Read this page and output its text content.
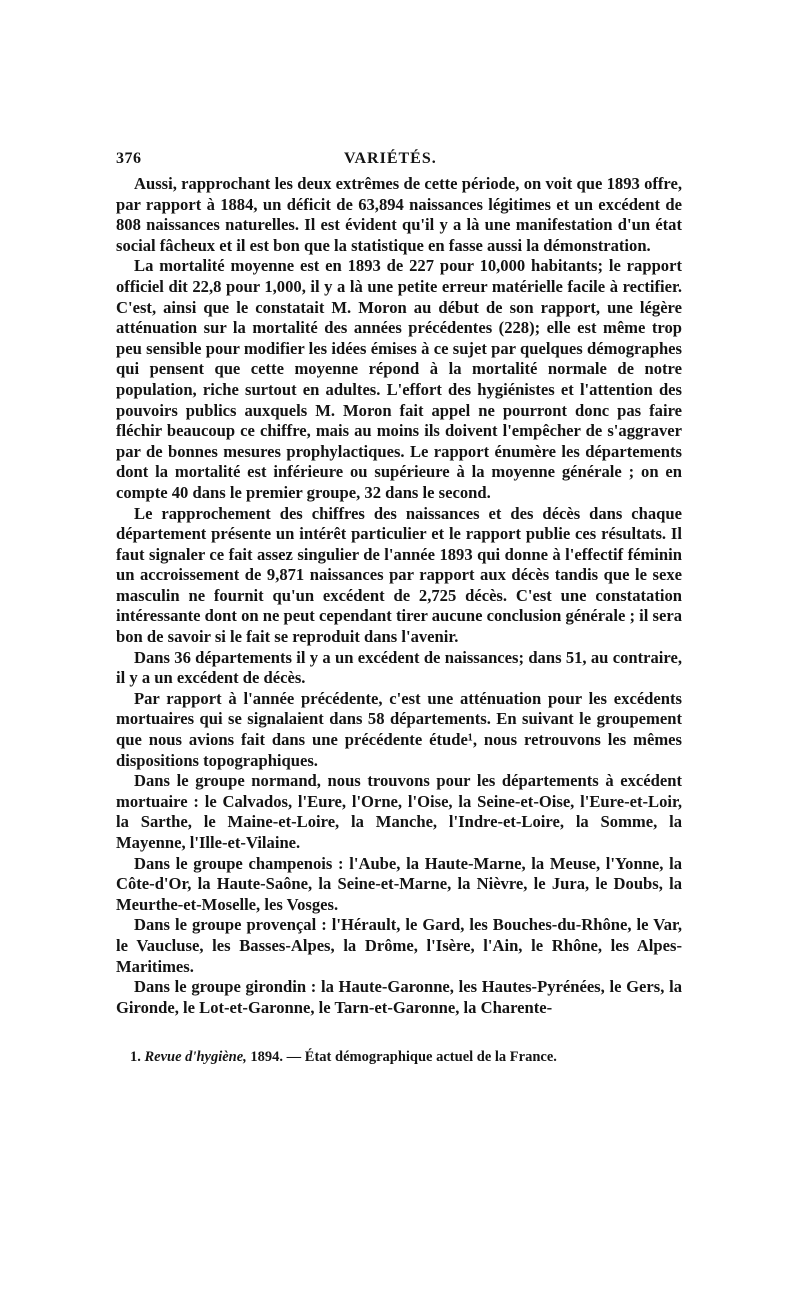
376	VARIÉTÉS.

Aussi, rapprochant les deux extrêmes de cette période, on voit que 1893 offre, par rapport à 1884, un déficit de 63,894 naissances légitimes et un excédent de 808 naissances naturelles. Il est évident qu'il y a là une manifestation d'un état social fâcheux et il est bon que la statistique en fasse aussi la démonstration.

La mortalité moyenne est en 1893 de 227 pour 10,000 habitants; le rapport officiel dit 22,8 pour 1,000, il y a là une petite erreur matérielle facile à rectifier. C'est, ainsi que le constatait M. Moron au début de son rapport, une légère atténuation sur la mortalité des années précédentes (228); elle est même trop peu sensible pour modifier les idées émises à ce sujet par quelques démographes qui pensent que cette moyenne répond à la mortalité normale de notre population, riche surtout en adultes. L'effort des hygiénistes et l'attention des pouvoirs publics auxquels M. Moron fait appel ne pourront donc pas faire fléchir beaucoup ce chiffre, mais au moins ils doivent l'empêcher de s'aggraver par de bonnes mesures prophylactiques. Le rapport énumère les départements dont la mortalité est inférieure ou supérieure à la moyenne générale ; on en compte 40 dans le premier groupe, 32 dans le second.

Le rapprochement des chiffres des naissances et des décès dans chaque département présente un intérêt particulier et le rapport publie ces résultats. Il faut signaler ce fait assez singulier de l'année 1893 qui donne à l'effectif féminin un accroissement de 9,871 naissances par rapport aux décès tandis que le sexe masculin ne fournit qu'un excédent de 2,725 décès. C'est une constatation intéressante dont on ne peut cependant tirer aucune conclusion générale ; il sera bon de savoir si le fait se reproduit dans l'avenir.

Dans 36 départements il y a un excédent de naissances; dans 51, au contraire, il y a un excédent de décès.

Par rapport à l'année précédente, c'est une atténuation pour les excédents mortuaires qui se signalaient dans 58 départements. En suivant le groupement que nous avions fait dans une précédente étude¹, nous retrouvons les mêmes dispositions topographiques.

Dans le groupe normand, nous trouvons pour les départements à excédent mortuaire : le Calvados, l'Eure, l'Orne, l'Oise, la Seine-et-Oise, l'Eure-et-Loir, la Sarthe, le Maine-et-Loire, la Manche, l'Indre-et-Loire, la Somme, la Mayenne, l'Ille-et-Vilaine.

Dans le groupe champenois : l'Aube, la Haute-Marne, la Meuse, l'Yonne, la Côte-d'Or, la Haute-Saône, la Seine-et-Marne, la Nièvre, le Jura, le Doubs, la Meurthe-et-Moselle, les Vosges.

Dans le groupe provençal : l'Hérault, le Gard, les Bouches-du-Rhône, le Var, le Vaucluse, les Basses-Alpes, la Drôme, l'Isère, l'Ain, le Rhône, les Alpes-Maritimes.

Dans le groupe girondin : la Haute-Garonne, les Hautes-Pyrénées, le Gers, la Gironde, le Lot-et-Garonne, le Tarn-et-Garonne, la Charente-

1. Revue d'hygiène, 1894. — État démographique actuel de la France.
